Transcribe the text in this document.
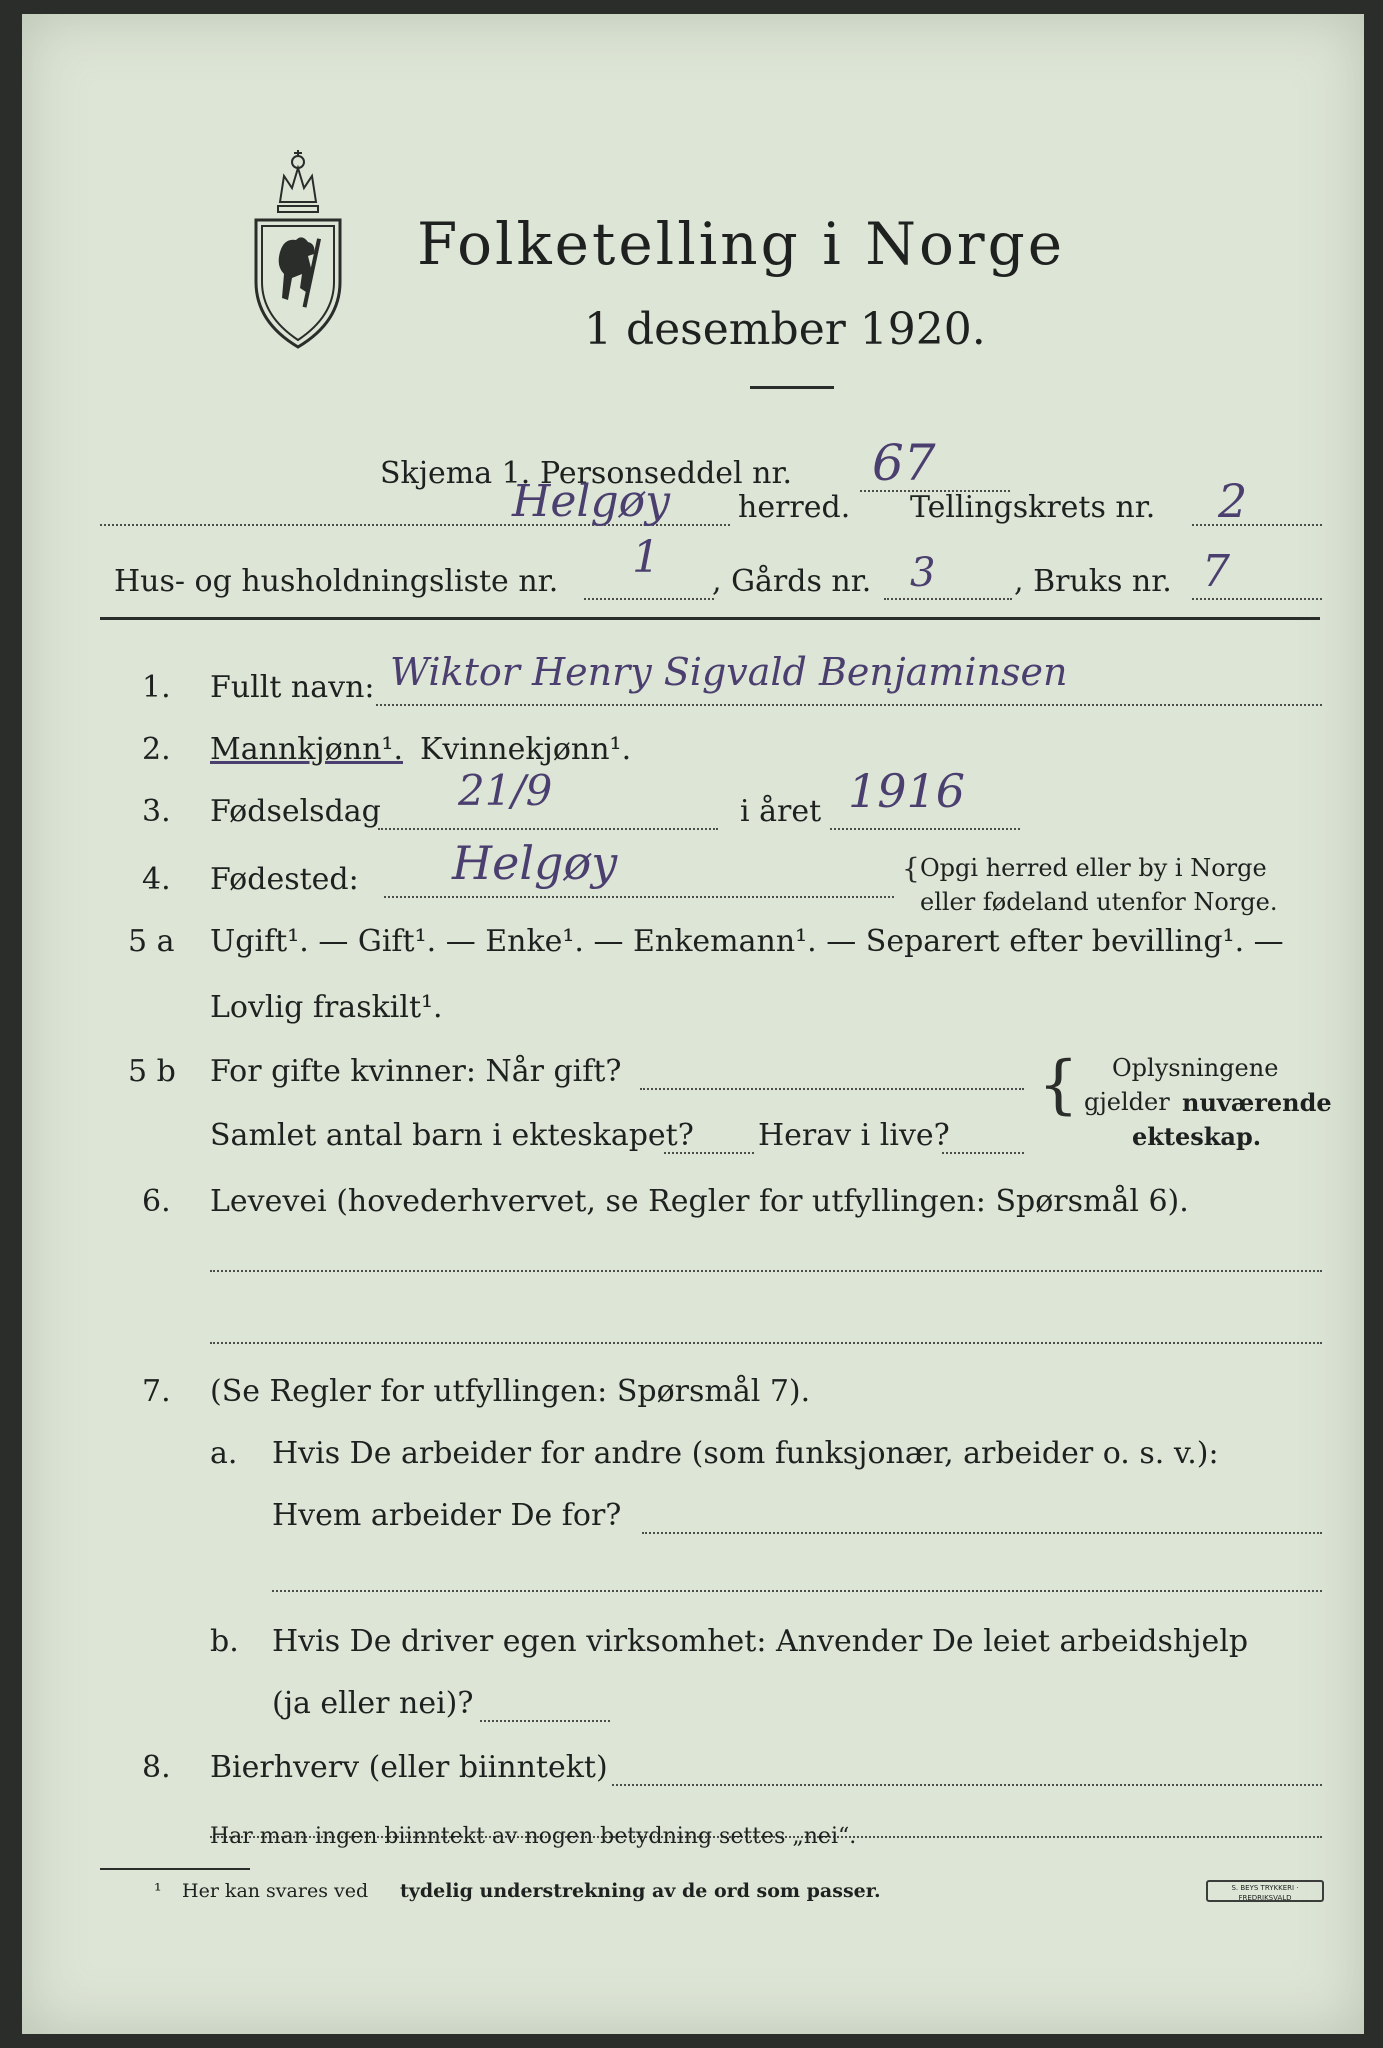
Folketelling i Norge
1 desember 1920.
Skjema 1. Personseddel nr. 67
Helgøy herred. Tellingskrets nr. 2
Hus- og husholdningsliste nr. 1 , Gårds nr. 3	, Bruks nr. 7
1. Fullt navn: Wiktor Henry Sigvald Benjaminsen
2. Mannkjønn¹. Kvinnekjønn¹.
3. Fødselsdag 21/9	i året 1916
4. Fødested: Helgøy	{ Opgi herred eller by i Norge
eller fødeland utenfor Norge.
5 a Ugift¹. — Gift¹. — Enke¹. — Enkemann¹. — Separert efter bevilling¹. —
Lovlig fraskilt¹.
5 b For gifte kvinner: Når gift?
Samlet antal barn i ekteskapet? Herav i live?
{ Oplysningene
gjelder nuværende
ekteskap.
6. Levevei (hovederhvervet, se Regler for utfyllingen: Spørsmål 6).
7. (Se Regler for utfyllingen: Spørsmål 7).
a. Hvis De arbeider for andre (som funksjonær, arbeider o. s. v.):
Hvem arbeider De for?
b. Hvis De driver egen virksomhet: Anvender De leiet arbeidshjelp
(ja eller nei)?
8. Bierhverv (eller biinntekt)
Har man ingen biinntekt av nogen betydning settes „nei“.
¹ Her kan svares ved tydelig understrekning av de ord som passer.	S. BEYS TRYKKERI · FREDRIKSVALD
